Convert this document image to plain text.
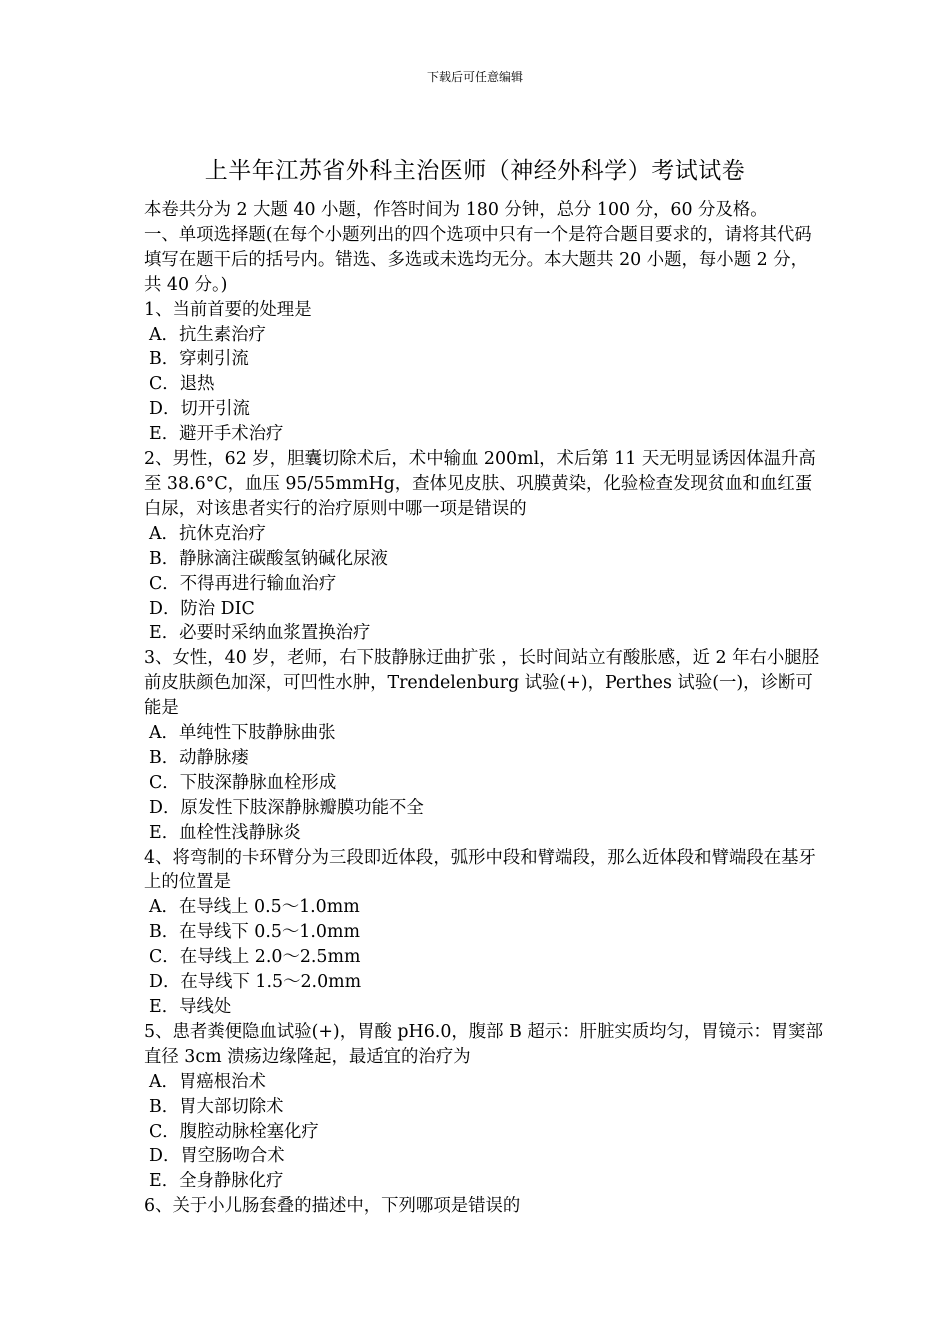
下载后可任意编辑
上半年江苏省外科主治医师（神经外科学）考试试卷

本卷共分为 2 大题 40 小题，作答时间为 180 分钟，总分 100 分，60 分及格。

一、单项选择题(在每个小题列出的四个选项中只有一个是符合题目要求的，请将其代码填写在题干后的括号内。错选、多选或未选均无分。本大题共 20 小题，每小题 2 分，共 40 分。)

1、当前首要的处理是

A．抗生素治疗

B．穿刺引流

C．退热

D．切开引流

E．避开手术治疗

2、男性，62 岁，胆囊切除术后，术中输血 200ml，术后第 11 天无明显诱因体温升高至 38.6°C，血压 95/55mmHg，查体见皮肤、巩膜黄染，化验检查发现贫血和血红蛋白尿，对该患者实行的治疗原则中哪一项是错误的

A．抗休克治疗

B．静脉滴注碳酸氢钠碱化尿液

C．不得再进行输血治疗

D．防治 DIC

E．必要时采纳血浆置换治疗

3、女性，40 岁，老师，右下肢静脉迂曲扩张 ，长时间站立有酸胀感，近 2 年右小腿胫前皮肤颜色加深，可凹性水肿，Trendelenburg 试验(+)，Perthes 试验(一)，诊断可能是

A．单纯性下肢静脉曲张

B．动静脉瘘

C．下肢深静脉血栓形成

D．原发性下肢深静脉瓣膜功能不全

E．血栓性浅静脉炎

4、将弯制的卡环臂分为三段即近体段，弧形中段和臂端段，那么近体段和臂端段在基牙上的位置是

A．在导线上 0.5～1.0mm

B．在导线下 0.5～1.0mm

C．在导线上 2.0～2.5mm

D．在导线下 1.5～2.0mm

E．导线处

5、患者粪便隐血试验(+)，胃酸 pH6.0，腹部 B 超示：肝脏实质均匀，胃镜示：胃窦部直径 3cm 溃疡边缘隆起，最适宜的治疗为

A．胃癌根治术

B．胃大部切除术

C．腹腔动脉栓塞化疗

D．胃空肠吻合术

E．全身静脉化疗

6、关于小儿肠套叠的描述中，下列哪项是错误的
